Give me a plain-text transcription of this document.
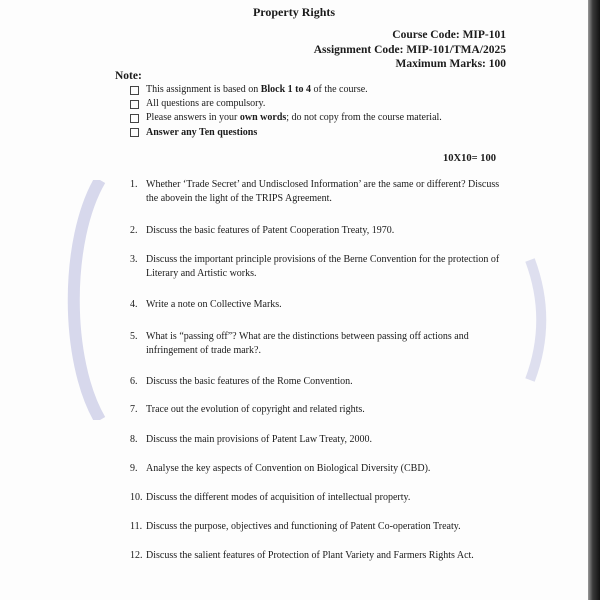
Property Rights
Course Code: MIP-101
Assignment Code: MIP-101/TMA/2025
Maximum Marks: 100
Note:
This assignment is based on Block 1 to 4 of the course.
All questions are compulsory.
Please answers in your own words; do not copy from the course material.
Answer any Ten questions
10X10= 100
1. Whether ‘Trade Secret’ and Undisclosed Information’ are the same or different? Discuss the abovein the light of the TRIPS Agreement.
2. Discuss the basic features of Patent Cooperation Treaty, 1970.
3. Discuss the important principle provisions of the Berne Convention for the protection of Literary and Artistic works.
4. Write a note on Collective Marks.
5. What is “passing off”? What are the distinctions between passing off actions and infringement of trade mark?.
6. Discuss the basic features of the Rome Convention.
7. Trace out the evolution of copyright and related rights.
8. Discuss the main provisions of Patent Law Treaty, 2000.
9. Analyse the key aspects of Convention on Biological Diversity (CBD).
10. Discuss the different modes of acquisition of intellectual property.
11. Discuss the purpose, objectives and functioning of Patent Co-operation Treaty.
12. Discuss the salient features of Protection of Plant Variety and Farmers Rights Act.
